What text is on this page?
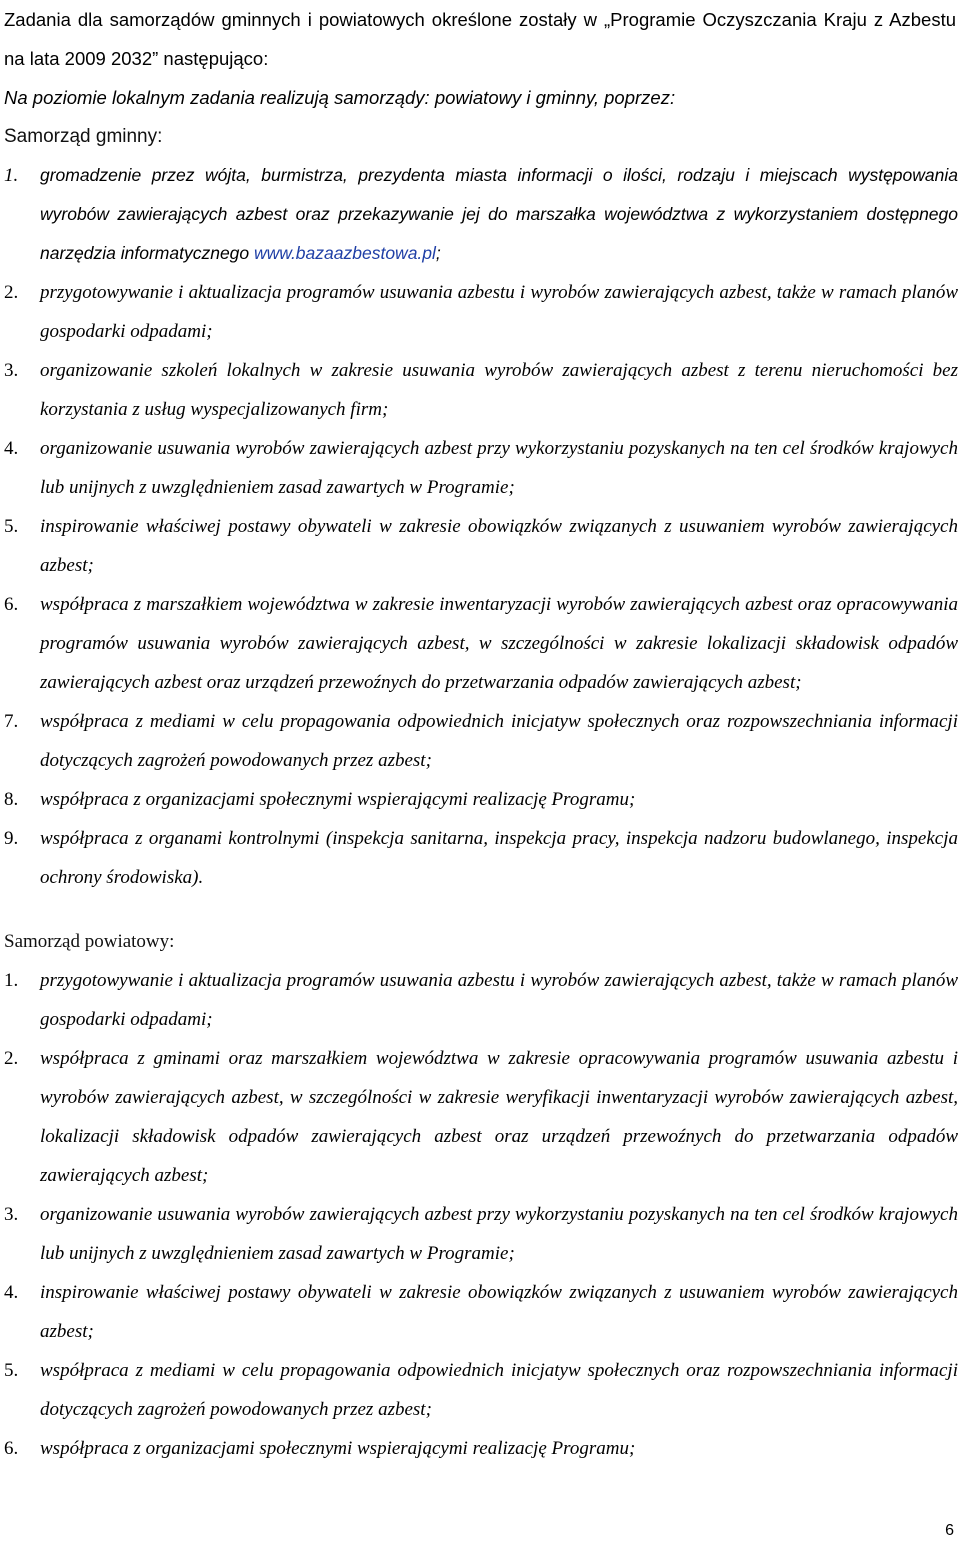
Zadania dla samorządów gminnych i powiatowych określone zostały w „Programie Oczyszczania Kraju z Azbestu na lata 2009 2032” następująco:
Na poziomie lokalnym zadania realizują samorządy: powiatowy i gminny, poprzez:
Samorząd gminny:
1. gromadzenie przez wójta, burmistrza, prezydenta miasta informacji o ilości, rodzaju i miejscach występowania wyrobów zawierających azbest oraz przekazywanie jej do marszałka województwa z wykorzystaniem dostępnego narzędzia informatycznego www.bazaazbestowa.pl;
2. przygotowywanie i aktualizacja programów usuwania azbestu i wyrobów zawierających azbest, także w ramach planów gospodarki odpadami;
3. organizowanie szkoleń lokalnych w zakresie usuwania wyrobów zawierających azbest z terenu nieruchomości bez korzystania z usług wyspecjalizowanych firm;
4. organizowanie usuwania wyrobów zawierających azbest przy wykorzystaniu pozyskanych na ten cel środków krajowych lub unijnych z uwzględnieniem zasad zawartych w Programie;
5. inspirowanie właściwej postawy obywateli w zakresie obowiązków związanych z usuwaniem wyrobów zawierających azbest;
6. współpraca z marszałkiem województwa w zakresie inwentaryzacji wyrobów zawierających azbest oraz opracowywania programów usuwania wyrobów zawierających azbest, w szczególności w zakresie lokalizacji składowisk odpadów zawierających azbest oraz urządzeń przewoźnych do przetwarzania odpadów zawierających azbest;
7. współpraca z mediami w celu propagowania odpowiednich inicjatyw społecznych oraz rozpowszechniania informacji dotyczących zagrożeń powodowanych przez azbest;
8. współpraca z organizacjami społecznymi wspierającymi realizację Programu;
9. współpraca z organami kontrolnymi (inspekcja sanitarna, inspekcja pracy, inspekcja nadzoru budowlanego, inspekcja ochrony środowiska).
Samorząd powiatowy:
1. przygotowywanie i aktualizacja programów usuwania azbestu i wyrobów zawierających azbest, także w ramach planów gospodarki odpadami;
2. współpraca z gminami oraz marszałkiem województwa w zakresie opracowywania programów usuwania azbestu i wyrobów zawierających azbest, w szczególności w zakresie weryfikacji inwentaryzacji wyrobów zawierających azbest, lokalizacji składowisk odpadów zawierających azbest oraz urządzeń przewoźnych do przetwarzania odpadów zawierających azbest;
3. organizowanie usuwania wyrobów zawierających azbest przy wykorzystaniu pozyskanych na ten cel środków krajowych lub unijnych z uwzględnieniem zasad zawartych w Programie;
4. inspirowanie właściwej postawy obywateli w zakresie obowiązków związanych z usuwaniem wyrobów zawierających azbest;
5. współpraca z mediami w celu propagowania odpowiednich inicjatyw społecznych oraz rozpowszechniania informacji dotyczących zagrożeń powodowanych przez azbest;
6. współpraca z organizacjami społecznymi wspierającymi realizację Programu;
6
